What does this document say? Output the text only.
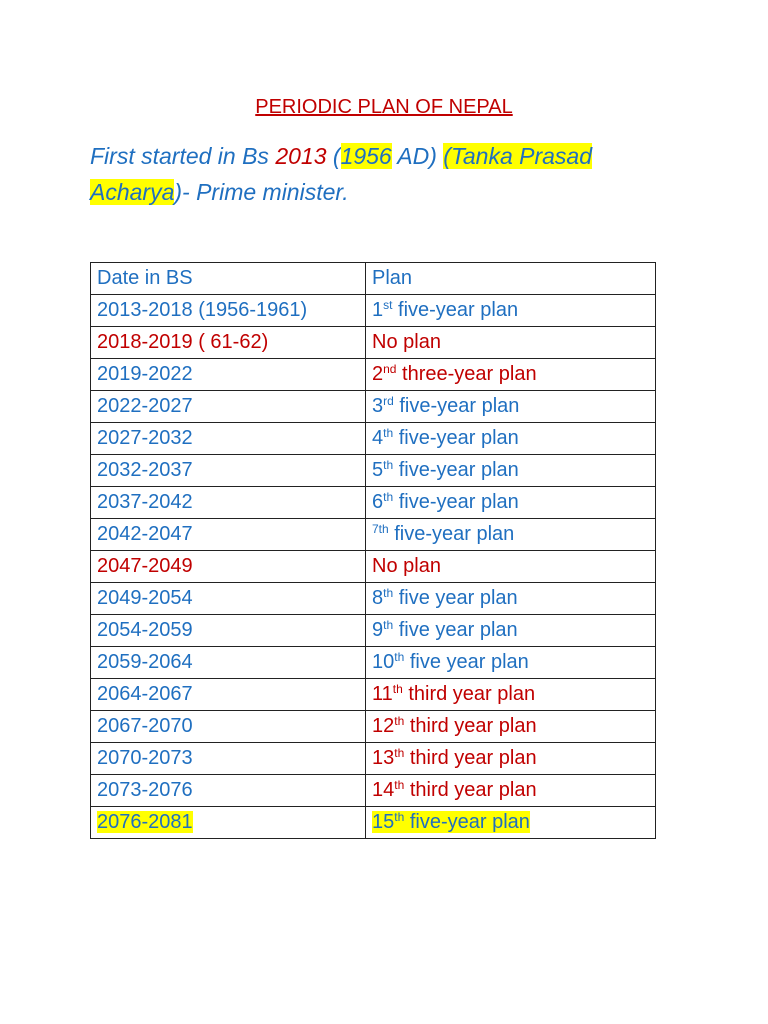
PERIODIC PLAN OF NEPAL
First started in Bs 2013 (1956 AD) (Tanka Prasad Acharya)- Prime minister.
Date in BS	Plan
2013-2018 (1956-1961)	1st five-year plan
2018-2019 ( 61-62)	No plan
2019-2022	2nd three-year plan
2022-2027	3rd five-year plan
2027-2032	4th five-year plan
2032-2037	5th five-year plan
2037-2042	6th five-year plan
2042-2047	$^{7th}$ five-year plan
2047-2049	No plan
2049-2054	8th five year plan
2054-2059	9th five year plan
2059-2064	10th five year plan
2064-2067	11th third year plan
2067-2070	12th third year plan
2070-2073	13th third year plan
2073-2076	14th third year plan
2076-2081	15th five-year plan
